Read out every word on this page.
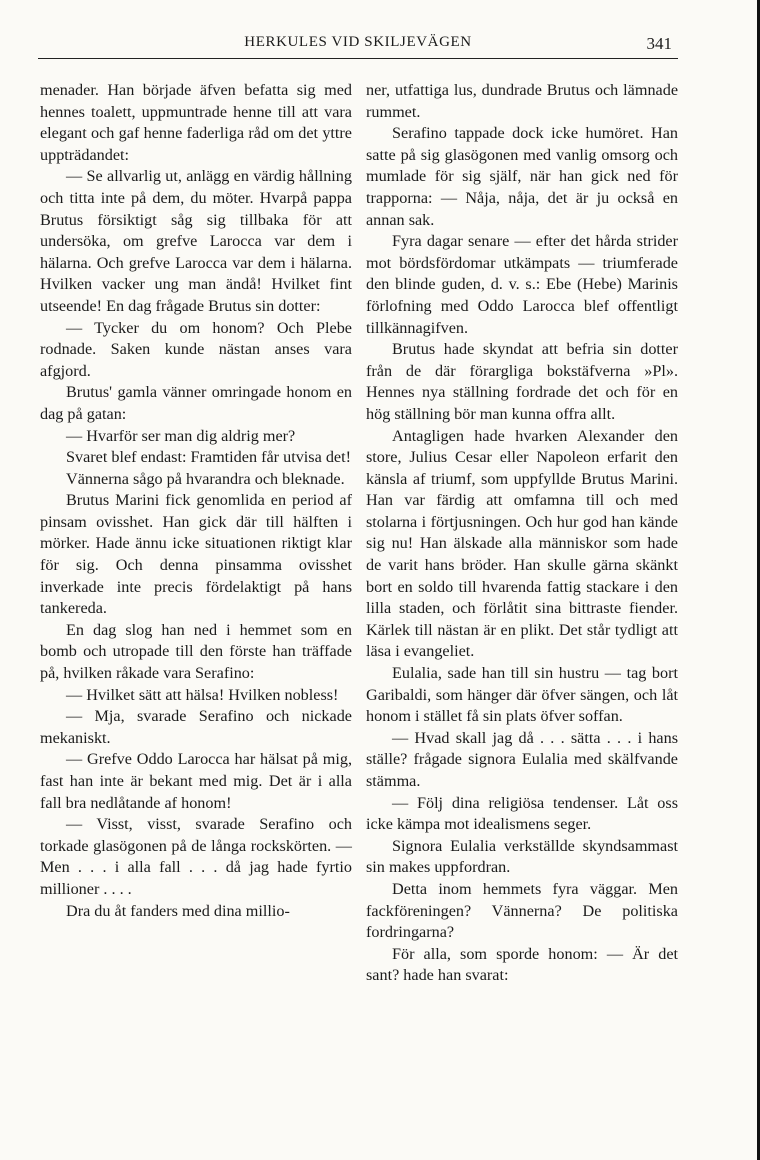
HERKULES VID SKILJEVÄGEN	341

menader. Han började äfven befatta sig med hennes toalett, uppmuntrade henne till att vara elegant och gaf henne faderliga råd om det yttre uppträdandet:

— Se allvarlig ut, anlägg en värdig hållning och titta inte på dem, du möter. Hvarpå pappa Brutus försiktigt såg sig tillbaka för att undersöka, om grefve Larocca var dem i hälarna. Och grefve Larocca var dem i hälarna. Hvilken vacker ung man ändå! Hvilket fint utseende! En dag frågade Brutus sin dotter:

— Tycker du om honom? Och Plebe rodnade. Saken kunde nästan anses vara afgjord.

Brutus' gamla vänner omringade honom en dag på gatan:

— Hvarför ser man dig aldrig mer?

Svaret blef endast: Framtiden får utvisa det!

Vännerna sågo på hvarandra och bleknade.

Brutus Marini fick genomlida en period af pinsam ovisshet. Han gick där till hälften i mörker. Hade ännu icke situationen riktigt klar för sig. Och denna pinsamma ovisshet inverkade inte precis fördelaktigt på hans tankereda.

En dag slog han ned i hemmet som en bomb och utropade till den förste han träffade på, hvilken råkade vara Serafino:

— Hvilket sätt att hälsa! Hvilken nobless!

— Mja, svarade Serafino och nickade mekaniskt.

— Grefve Oddo Larocca har hälsat på mig, fast han inte är bekant med mig. Det är i alla fall bra nedlåtande af honom!

— Visst, visst, svarade Serafino och torkade glasögonen på de långa rockskörten. — Men . . . i alla fall . . . då jag hade fyrtio millioner . . . .

Dra du åt fanders med dina millio-

ner, utfattiga lus, dundrade Brutus och lämnade rummet.

Serafino tappade dock icke humöret. Han satte på sig glasögonen med vanlig omsorg och mumlade för sig själf, när han gick ned för trapporna: — Nåja, nåja, det är ju också en annan sak.

Fyra dagar senare — efter det hårda strider mot bördsfördomar utkämpats — triumferade den blinde guden, d. v. s.: Ebe (Hebe) Marinis förlofning med Oddo Larocca blef offentligt tillkännagifven.

Brutus hade skyndat att befria sin dotter från de där förargliga bokstäfverna »Pl». Hennes nya ställning fordrade det och för en hög ställning bör man kunna offra allt.

Antagligen hade hvarken Alexander den store, Julius Cesar eller Napoleon erfarit den känsla af triumf, som uppfyllde Brutus Marini. Han var färdig att omfamna till och med stolarna i förtjusningen. Och hur god han kände sig nu! Han älskade alla människor som hade de varit hans bröder. Han skulle gärna skänkt bort en soldo till hvarenda fattig stackare i den lilla staden, och förlåtit sina bittraste fiender. Kärlek till nästan är en plikt. Det står tydligt att läsa i evangeliet.

Eulalia, sade han till sin hustru — tag bort Garibaldi, som hänger där öfver sängen, och låt honom i stället få sin plats öfver soffan.

— Hvad skall jag då . . . sätta . . . i hans ställe? frågade signora Eulalia med skälfvande stämma.

— Följ dina religiösa tendenser. Låt oss icke kämpa mot idealismens seger.

Signora Eulalia verkställde skyndsammast sin makes uppfordran.

Detta inom hemmets fyra väggar. Men fackföreningen? Vännerna? De politiska fordringarna?

För alla, som sporde honom: — Är det sant? hade han svarat:
